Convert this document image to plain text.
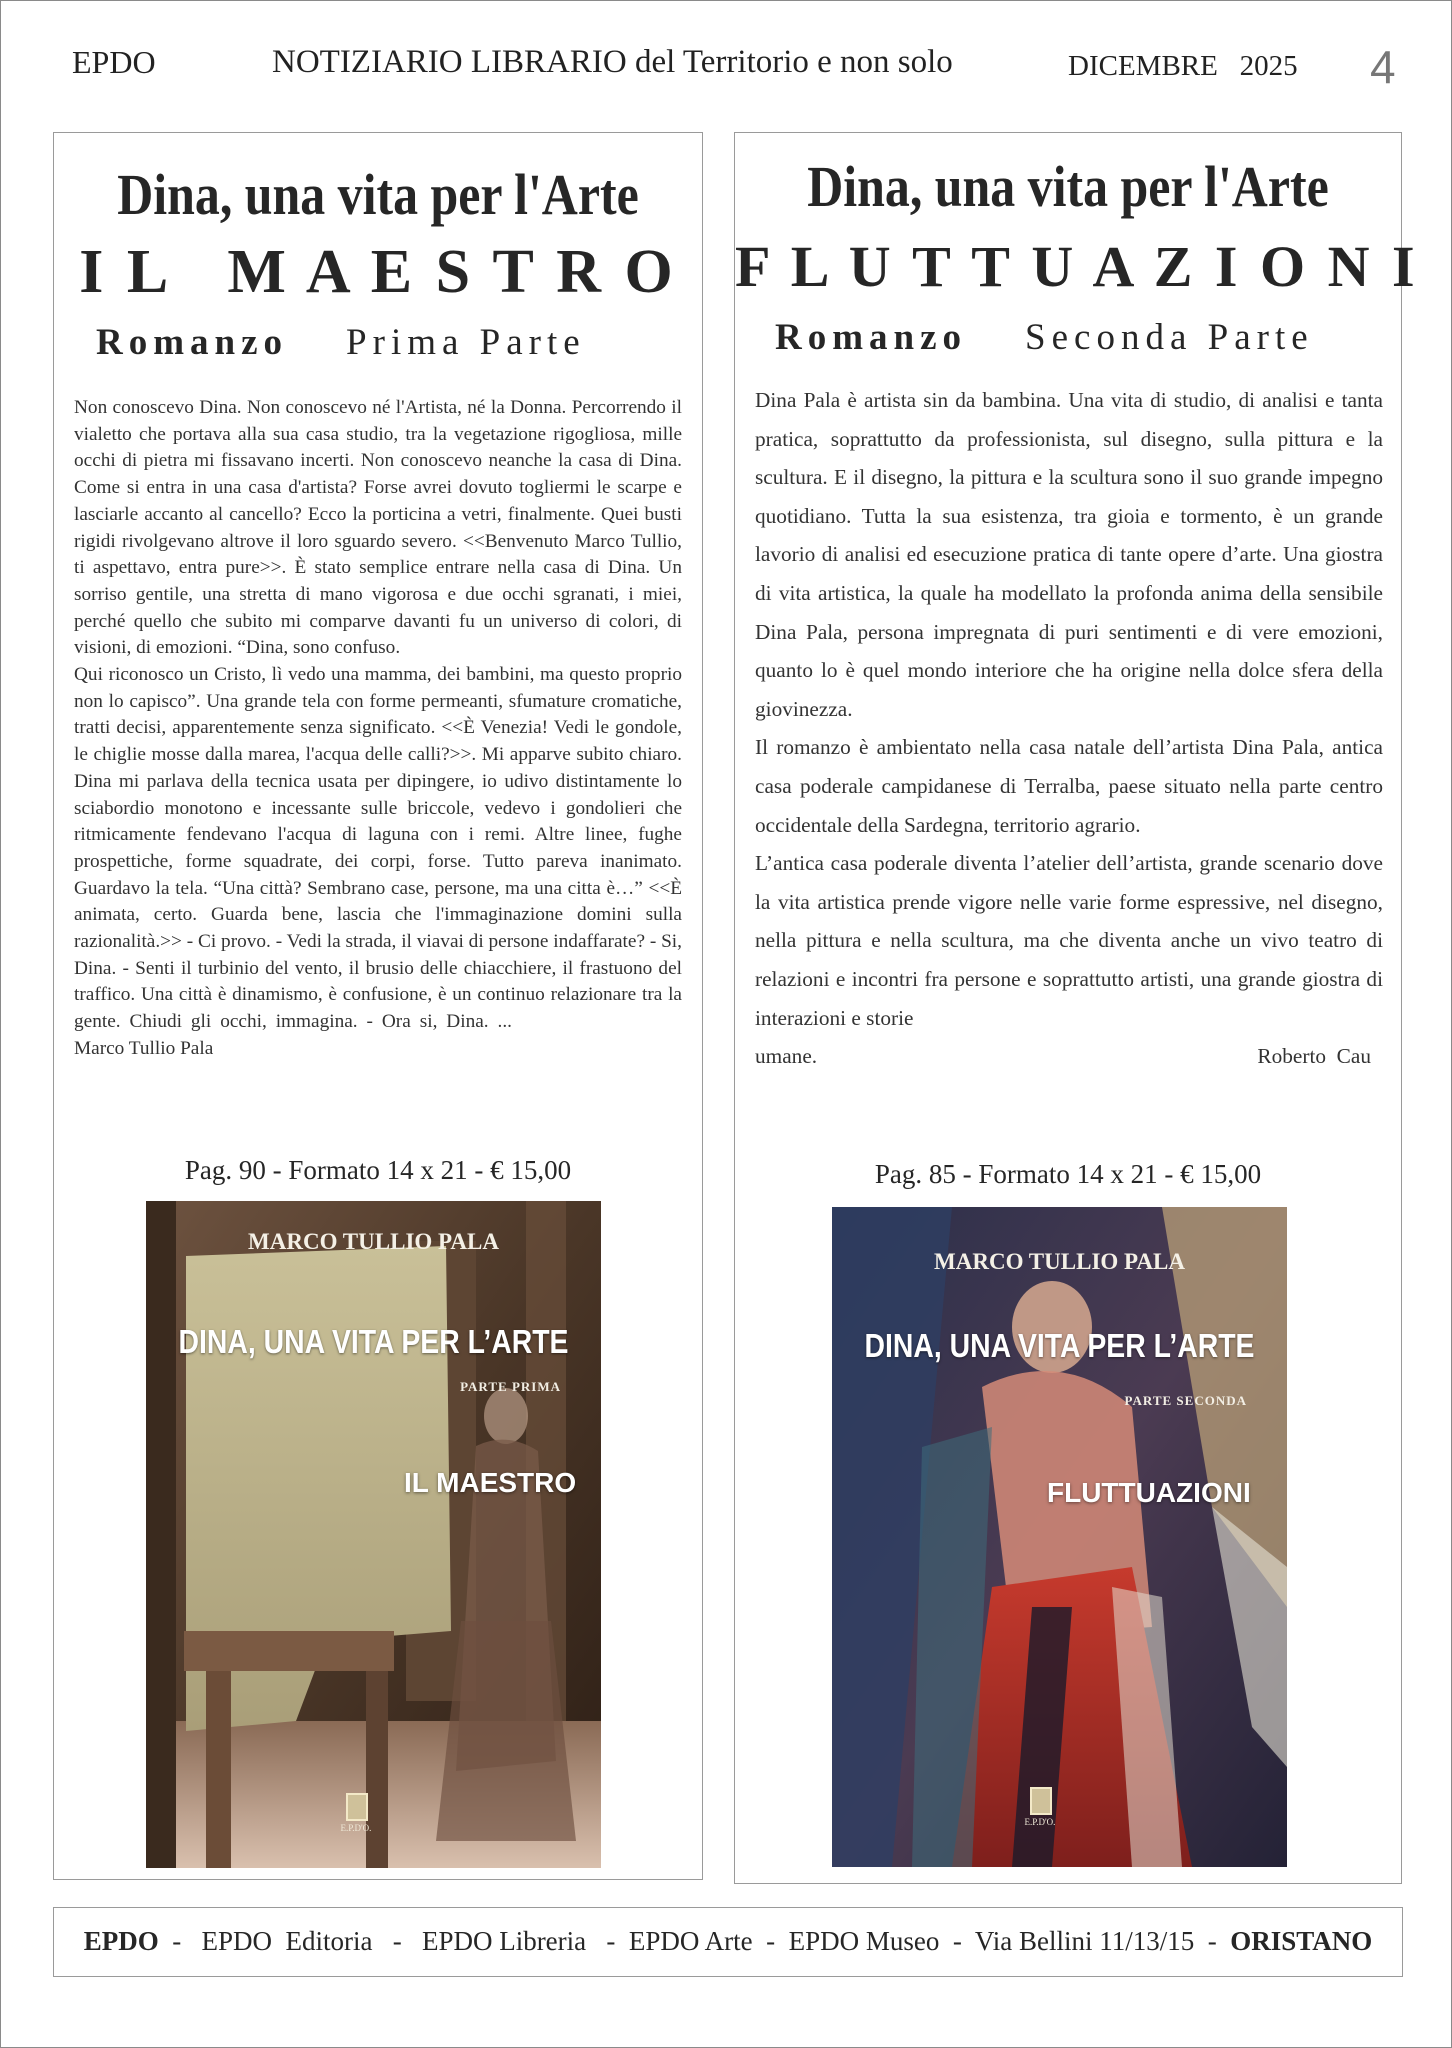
EPDO	NOTIZIARIO LIBRARIO del Territorio e non solo	DICEMBRE   2025 4
Dina, una vita per l'Arte
I L   M A E S T R O
Romanzo Prima Parte

Non conoscevo Dina. Non conoscevo né l'Artista, né la Donna. Percorrendo il vialetto che portava alla sua casa studio, tra la vegetazione rigogliosa, mille occhi di pietra mi fissavano incerti. Non conoscevo neanche la casa di Dina. Come si entra in una casa d'artista? Forse avrei dovuto togliermi le scarpe e lasciarle accanto al cancello? Ecco la porticina a vetri, finalmente. Quei busti rigidi rivolgevano altrove il loro sguardo severo. <<Benvenuto Marco Tullio, ti aspettavo, entra pure>>. È stato semplice entrare nella casa di Dina. Un sorriso gentile, una stretta di mano vigorosa e due occhi sgranati, i miei, perché quello che subito mi comparve davanti fu un universo di colori, di visioni, di emozioni. “Dina, sono confuso.

Qui riconosco un Cristo, lì vedo una mamma, dei bambini, ma questo proprio non lo capisco”. Una grande tela con forme permeanti, sfumature cromatiche, tratti decisi, apparentemente senza significato. <<È Venezia! Vedi le gondole, le chiglie mosse dalla marea, l'acqua delle calli?>>. Mi apparve subito chiaro. Dina mi parlava della tecnica usata per dipingere, io udivo distintamente lo sciabordio monotono e incessante sulle briccole, vedevo i gondolieri che ritmicamente fendevano l'acqua di laguna con i remi. Altre linee, fughe prospettiche, forme squadrate, dei corpi, forse. Tutto pareva inanimato. Guardavo la tela. “Una città? Sembrano case, persone, ma una citta è…” <<È animata, certo. Guarda bene, lascia che l'immaginazione domini sulla razionalità.>> - Ci provo. - Vedi la strada, il viavai di persone indaffarate? - Si, Dina. - Senti il turbinio del vento, il brusio delle chiacchiere, il frastuono del traffico. Una città è dinamismo, è confusione, è un continuo relazionare tra la gente. Chiudi gli occhi, immagina. - Ora si, Dina. ...Marco Tullio Pala

Pag. 90 - Formato 14 x 21 - € 15,00
MARCO TULLIO PALA
DINA, UNA VITA PER L’ARTE
PARTE PRIMA
IL MAESTRO
E.P.D'O.
Dina, una vita per l'Arte
F L U T T U A Z I O N I
Romanzo Seconda Parte

Dina Pala è artista sin da bambina. Una vita di studio, di analisi e tanta pratica, soprattutto da professionista, sul disegno, sulla pittura e la scultura. E il disegno, la pittura e la scultura sono il suo grande impegno quotidiano. Tutta la sua esistenza, tra gioia e tormento, è un grande lavorio di analisi ed esecuzione pratica di tante opere d’arte. Una giostra di vita artistica, la quale ha modellato la profonda anima della sensibile Dina Pala, persona impregnata di puri sentimenti e di vere emozioni, quanto lo è quel mondo interiore che ha origine nella dolce sfera della giovinezza.

Il romanzo è ambientato nella casa natale dell’artista Dina Pala, antica casa poderale campidanese di Terralba, paese situato nella parte centro occidentale della Sardegna, territorio agrario.

L’antica casa poderale diventa l’atelier dell’artista, grande scenario dove la vita artistica prende vigore nelle varie forme espressive, nel disegno, nella pittura e nella scultura, ma che diventa anche un vivo teatro di relazioni e incontri fra persone e soprattutto artisti, una grande giostra di interazioni e storie

umane.	Roberto  Cau
Pag. 85 - Formato 14 x 21 - € 15,00
MARCO TULLIO PALA
DINA, UNA VITA PER L’ARTE
PARTE SECONDA
FLUTTUAZIONI
E.P.D'O.
EPDO  -   EPDO  Editoria   -   EPDO Libreria   -  EPDO Arte  -  EPDO Museo  -  Via Bellini 11/13/15  -  ORISTANO
